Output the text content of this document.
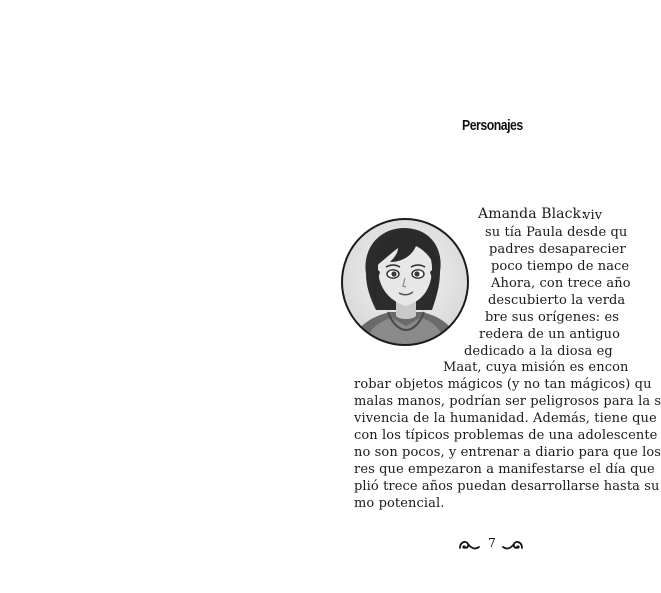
Personajes
Amanda Black:
viv
su tía Paula desde qu
padres desaparecier
poco tiempo de nace
Ahora, con trece año
descubierto la verda
bre sus orígenes: es
redera de un antiguo
dedicado a la diosa eg
Maat, cuya misión es encon
robar objetos mágicos (y no tan mágicos) qu
malas manos, podrían ser peligrosos para la s
vivencia de la humanidad. Además, tiene que
con los típicos problemas de una adolescente
no son pocos, y entrenar a diario para que los
res que empezaron a manifestarse el día que
plió trece años puedan desarrollarse hasta su
mo potencial.
7
